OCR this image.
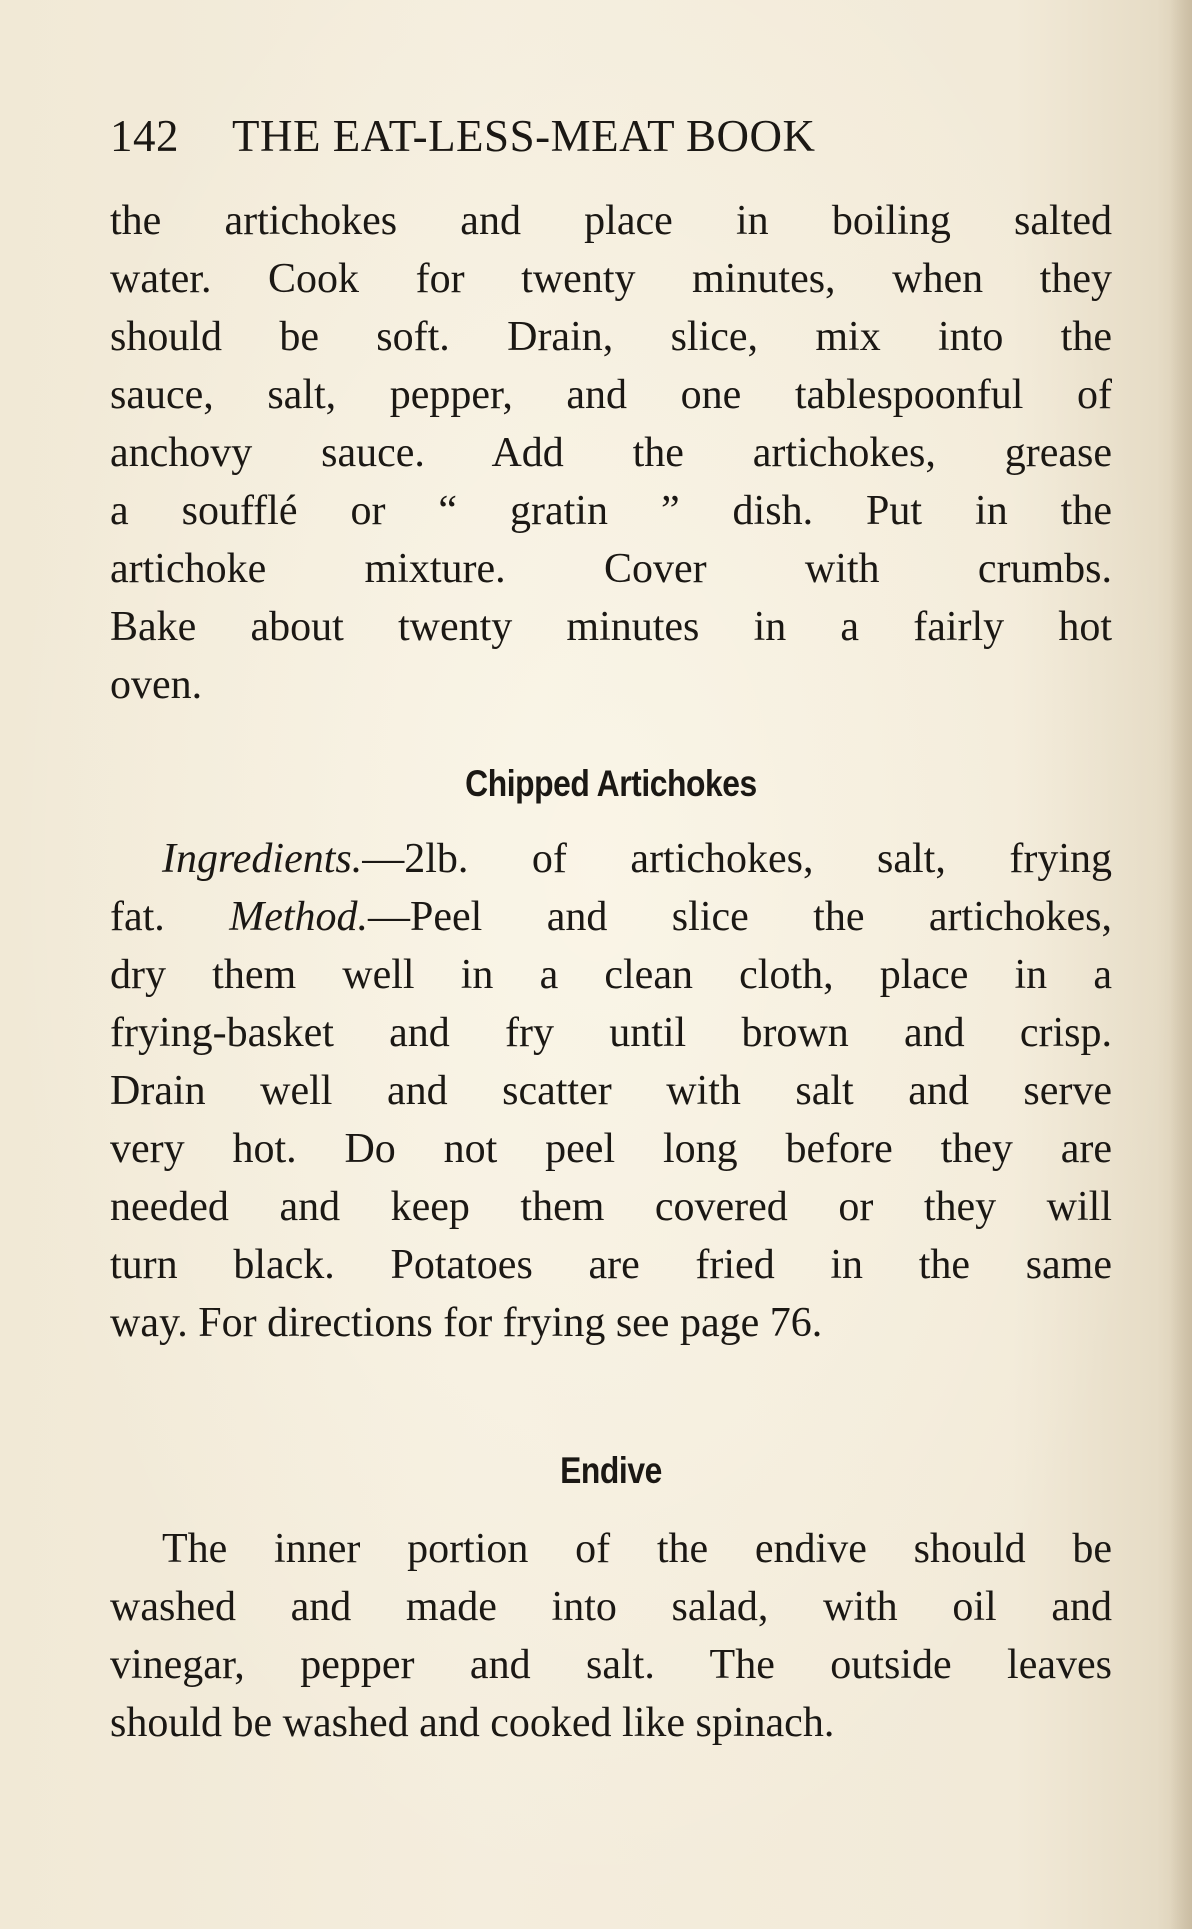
142 THE EAT-LESS-MEAT BOOK
the artichokes and place in boiling salted
water. Cook for twenty minutes, when they
should be soft. Drain, slice, mix into the
sauce, salt, pepper, and one tablespoonful of
anchovy sauce. Add the artichokes, grease
a soufflé or “ gratin ” dish. Put in the
artichoke mixture. Cover with crumbs.
Bake about twenty minutes in a fairly hot
oven.
Chipped Artichokes
Ingredients.—2lb. of artichokes, salt, frying
fat. Method.—Peel and slice the artichokes,
dry them well in a clean cloth, place in a
frying-basket and fry until brown and crisp.
Drain well and scatter with salt and serve
very hot. Do not peel long before they are
needed and keep them covered or they will
turn black. Potatoes are fried in the same
way. For directions for frying see page 76.
Endive
The inner portion of the endive should be
washed and made into salad, with oil and
vinegar, pepper and salt. The outside leaves
should be washed and cooked like spinach.
